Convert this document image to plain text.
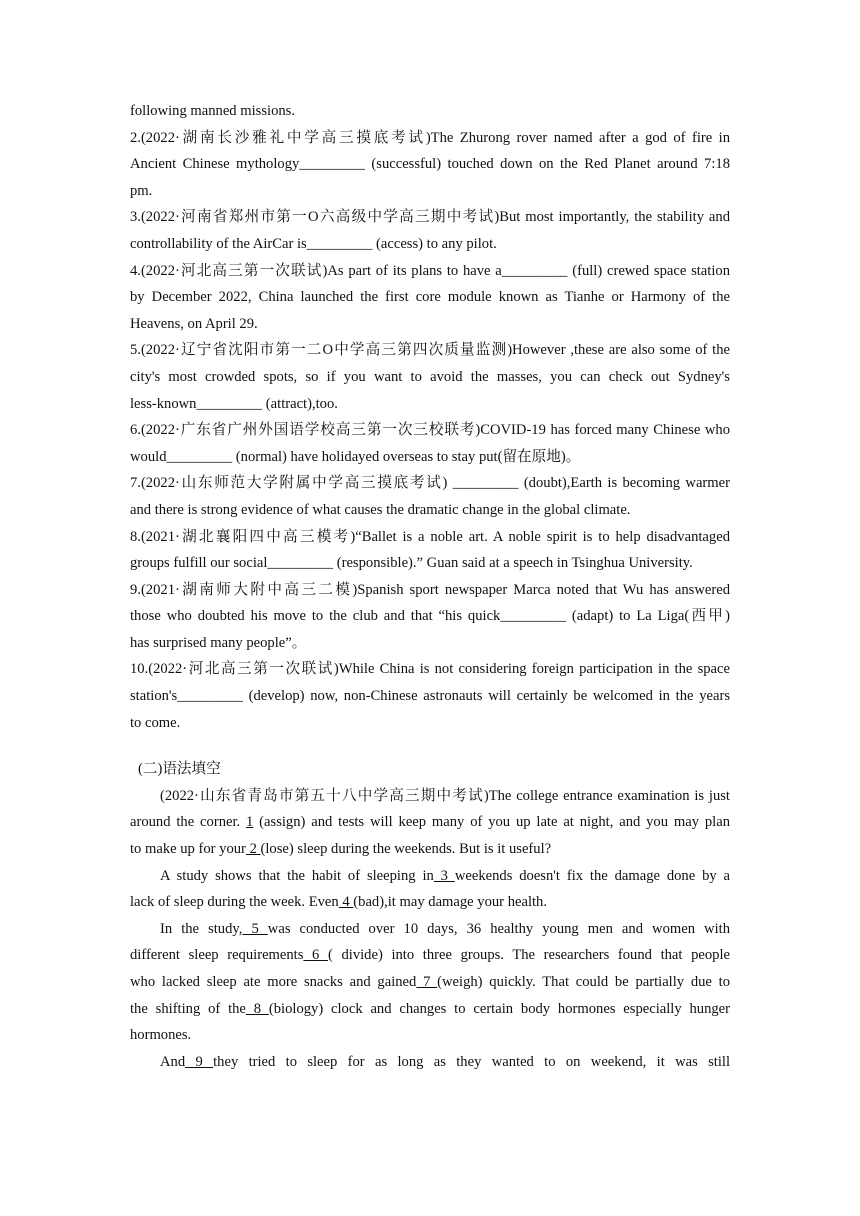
following manned missions.
2.(2022·湖南长沙雅礼中学高三摸底考试)The Zhurong rover named after a god of fire in
Ancient Chinese mythology_________ (successful) touched down on the Red Planet around 7:18
pm.
3.(2022·河南省郑州市第一O六高级中学高三期中考试)But most importantly, the stability and
controllability of the AirCar is_________ (access) to any pilot.
4.(2022·河北高三第一次联试)As part of its plans to have a_________ (full) crewed space station
by December 2022, China launched the first core module known as Tianhe or Harmony of the
Heavens, on April 29.
5.(2022·辽宁省沈阳市第一二O中学高三第四次质量监测)However ,these are also some of the
city's most crowded spots, so if you want to avoid the masses, you can check out Sydney's
less-known_________ (attract),too.
6.(2022·广东省广州外国语学校高三第一次三校联考)COVID-19 has forced many Chinese who
would_________ (normal) have holidayed overseas to stay put(留在原地)。
7.(2022·山东师范大学附属中学高三摸底考试) _________ (doubt),Earth is becoming warmer
and there is strong evidence of what causes the dramatic change in the global climate.
8.(2021·湖北襄阳四中高三模考)“Ballet is a noble art. A noble spirit is to help disadvantaged
groups fulfill our social_________ (responsible).” Guan said at a speech in Tsinghua University.
9.(2021·湖南师大附中高三二模)Spanish sport newspaper Marca noted that Wu has answered
those who doubted his move to the club and that “his quick_________ (adapt) to La Liga(西甲)
has surprised many people”。
10.(2022·河北高三第一次联试)While China is not considering foreign participation in the space
station's_________ (develop) now, non-Chinese astronauts will certainly be welcomed in the years
to come.
(二)语法填空
(2022·山东省青岛市第五十八中学高三期中考试)The college entrance examination is just
around the corner. 1 (assign) and tests will keep many of you up late at night, and you may plan
to make up for your 2 (lose) sleep during the weekends. But is it useful?
A study shows that the habit of sleeping in 3 weekends doesn't fix the damage done by a
lack of sleep during the week. Even 4 (bad),it may damage your health.
In the study, 5 was conducted over 10 days, 36 healthy young men and women with
different sleep requirements 6 ( divide) into three groups. The researchers found that people
who lacked sleep ate more snacks and gained 7 (weigh) quickly. That could be partially due to
the shifting of the 8 (biology) clock and changes to certain body hormones especially hunger
hormones.
And 9 they tried to sleep for as long as they wanted to on weekend, it was still
